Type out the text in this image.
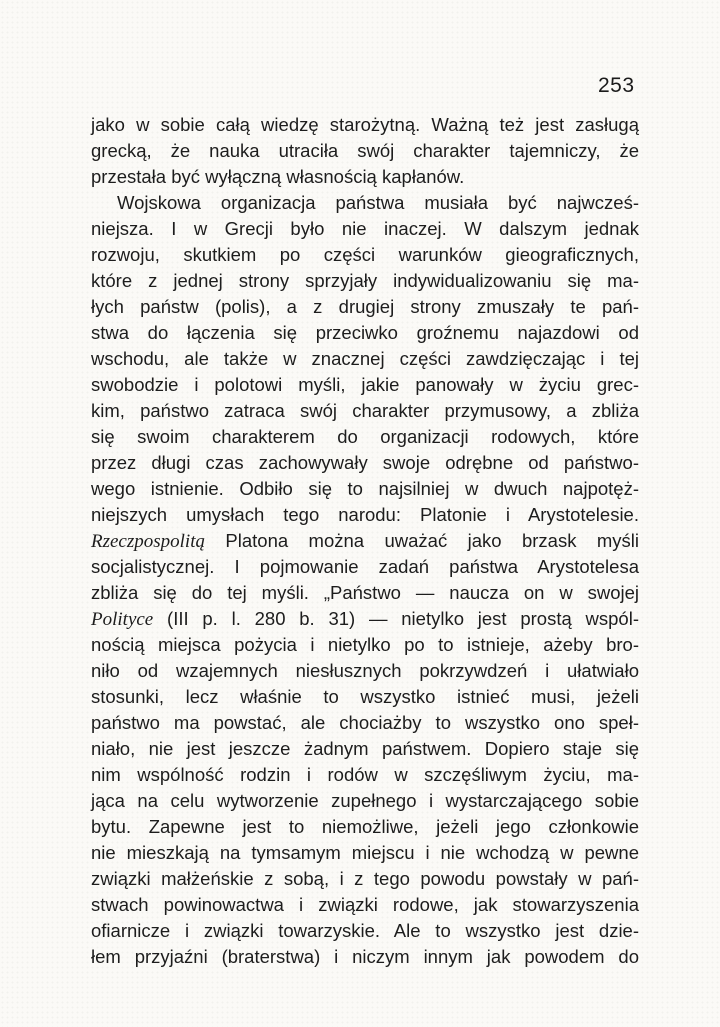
253
jako w sobie całą wiedzę starożytną. Ważną też jest zasługą
grecką, że nauka utraciła swój charakter tajemniczy, że
przestała być wyłączną własnością kapłanów.
Wojskowa organizacja państwa musiała być najwcześ-
niejsza. I w Grecji było nie inaczej. W dalszym jednak
rozwoju, skutkiem po części warunków gieograficznych,
które z jednej strony sprzyjały indywidualizowaniu się ma-
łych państw (polis), a z drugiej strony zmuszały te pań-
stwa do łączenia się przeciwko groźnemu najazdowi od
wschodu, ale także w znacznej części zawdzięczając i tej
swobodzie i polotowi myśli, jakie panowały w życiu grec-
kim, państwo zatraca swój charakter przymusowy, a zbliża
się swoim charakterem do organizacji rodowych, które
przez długi czas zachowywały swoje odrębne od państwo-
wego istnienie. Odbiło się to najsilniej w dwuch najpotęż-
niejszych umysłach tego narodu: Platonie i Arystotelesie.
Rzeczpospolitą Platona można uważać jako brzask myśli
socjalistycznej. I pojmowanie zadań państwa Arystotelesa
zbliża się do tej myśli. „Państwo — naucza on w swojej
Polityce (III p. l. 280 b. 31) — nietylko jest prostą wspól-
nością miejsca pożycia i nietylko po to istnieje, ażeby bro-
niło od wzajemnych niesłusznych pokrzywdzeń i ułatwiało
stosunki, lecz właśnie to wszystko istnieć musi, jeżeli
państwo ma powstać, ale chociażby to wszystko ono speł-
niało, nie jest jeszcze żadnym państwem. Dopiero staje się
nim wspólność rodzin i rodów w szczęśliwym życiu, ma-
jąca na celu wytworzenie zupełnego i wystarczającego sobie
bytu. Zapewne jest to niemożliwe, jeżeli jego członkowie
nie mieszkają na tymsamym miejscu i nie wchodzą w pewne
związki małżeńskie z sobą, i z tego powodu powstały w pań-
stwach powinowactwa i związki rodowe, jak stowarzyszenia
ofiarnicze i związki towarzyskie. Ale to wszystko jest dzie-
łem przyjaźni (braterstwa) i niczym innym jak powodem do
